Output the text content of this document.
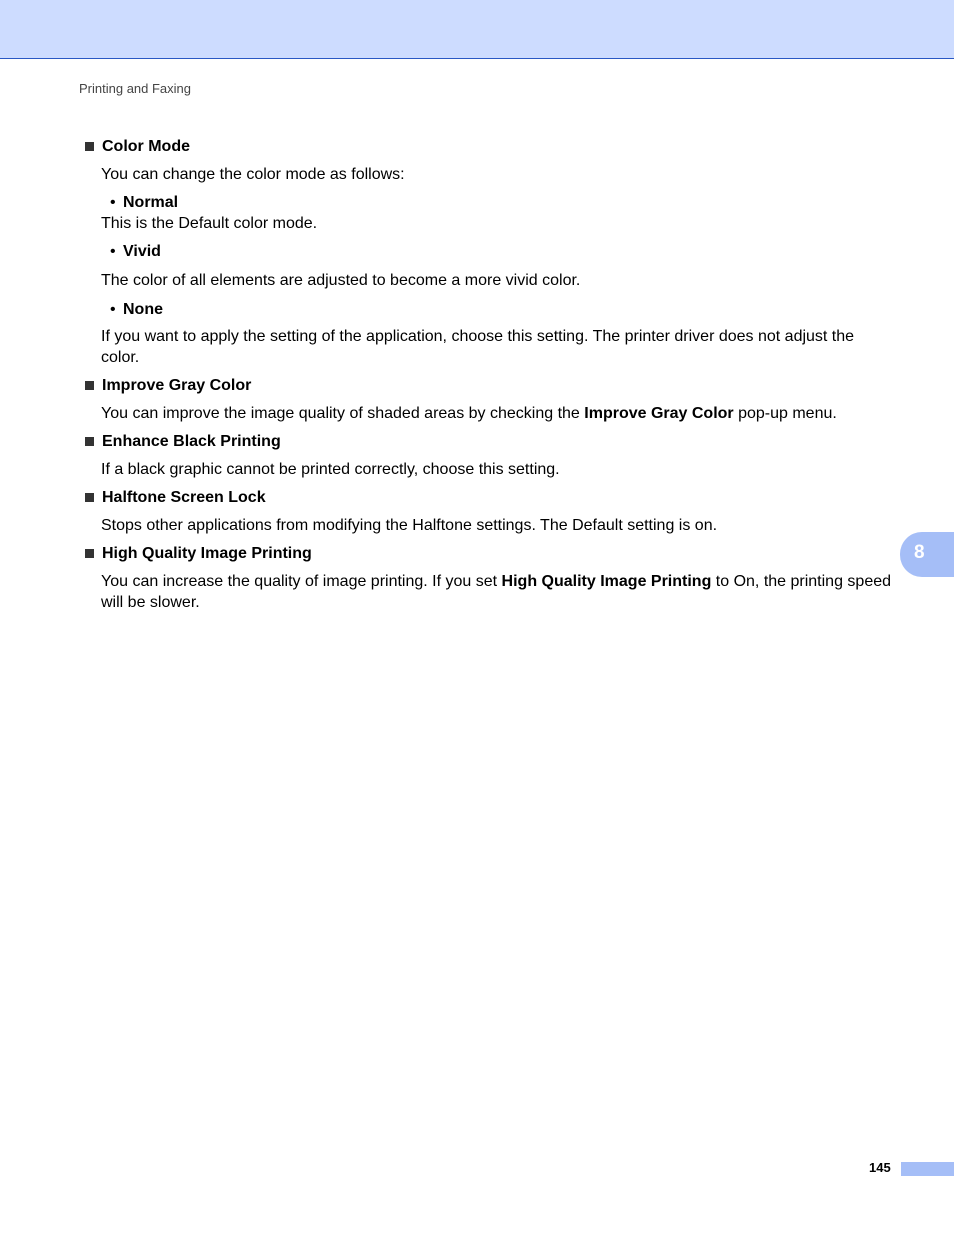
Printing and Faxing
Color Mode

You can change the color mode as follows:

• Normal

This is the Default color mode.

• Vivid

The color of all elements are adjusted to become a more vivid color.

• None

If you want to apply the setting of the application, choose this setting. The printer driver does not adjust the color.

Improve Gray Color

You can improve the image quality of shaded areas by checking the Improve Gray Color pop-up menu.

Enhance Black Printing

If a black graphic cannot be printed correctly, choose this setting.

Halftone Screen Lock

Stops other applications from modifying the Halftone settings. The Default setting is on.

High Quality Image Printing

You can increase the quality of image printing. If you set High Quality Image Printing to On, the printing speed will be slower.

8
145
